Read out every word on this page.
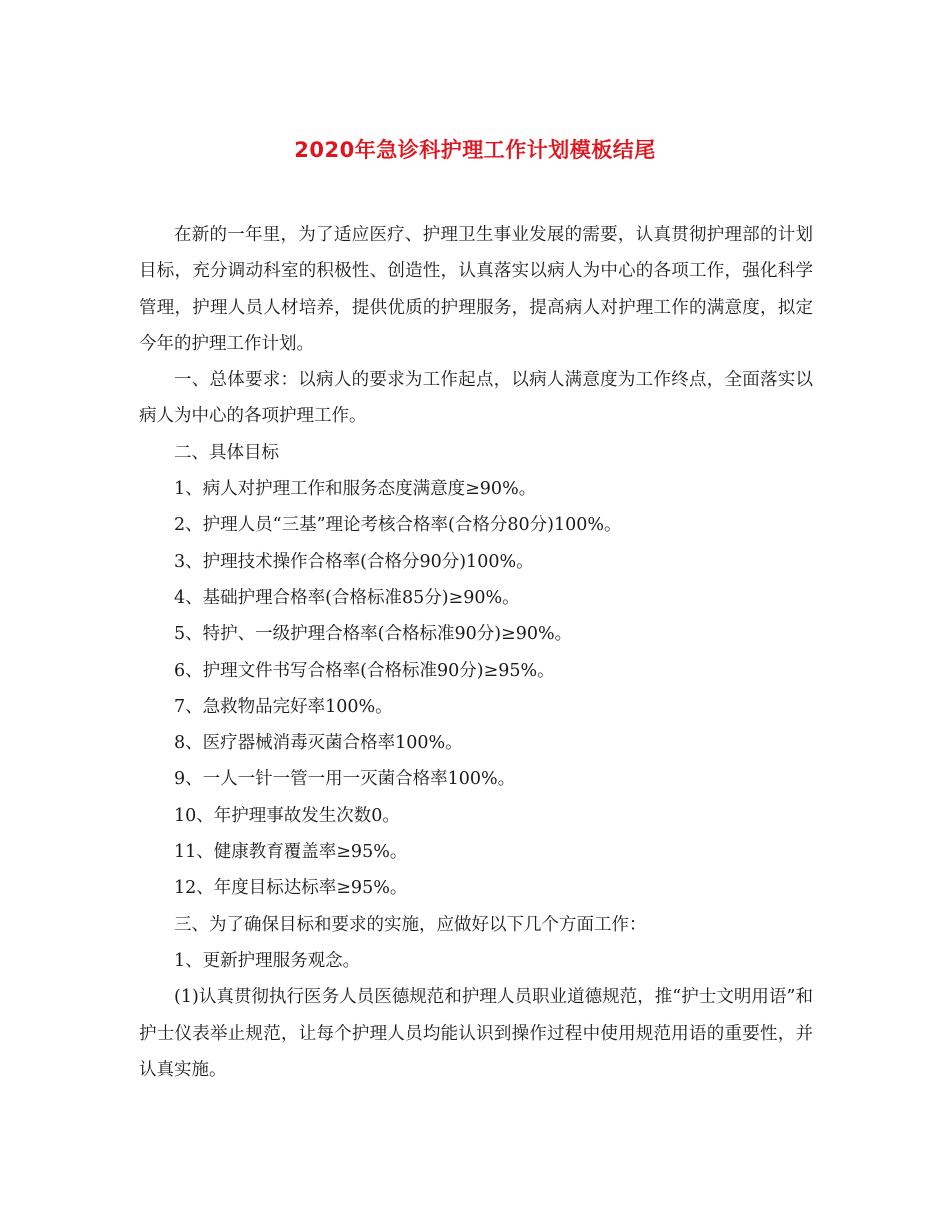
2020年急诊科护理工作计划模板结尾

在新的一年里，为了适应医疗、护理卫生事业发展的需要，认真贯彻护理部的计划目标，充分调动科室的积极性、创造性，认真落实以病人为中心的各项工作，强化科学管理，护理人员人材培养，提供优质的护理服务，提高病人对护理工作的满意度，拟定今年的护理工作计划。

一、总体要求：以病人的要求为工作起点，以病人满意度为工作终点，全面落实以病人为中心的各项护理工作。

二、具体目标

1、病人对护理工作和服务态度满意度≥90%。

2、护理人员“三基”理论考核合格率(合格分80分)100%。

3、护理技术操作合格率(合格分90分)100%。

4、基础护理合格率(合格标准85分)≥90%。

5、特护、一级护理合格率(合格标准90分)≥90%。

6、护理文件书写合格率(合格标准90分)≥95%。

7、急救物品完好率100%。

8、医疗器械消毒灭菌合格率100%。

9、一人一针一管一用一灭菌合格率100%。

10、年护理事故发生次数0。

11、健康教育覆盖率≥95%。

12、年度目标达标率≥95%。

三、为了确保目标和要求的实施，应做好以下几个方面工作：

1、更新护理服务观念。

(1)认真贯彻执行医务人员医德规范和护理人员职业道德规范，推“护士文明用语”和护士仪表举止规范，让每个护理人员均能认识到操作过程中使用规范用语的重要性，并认真实施。
